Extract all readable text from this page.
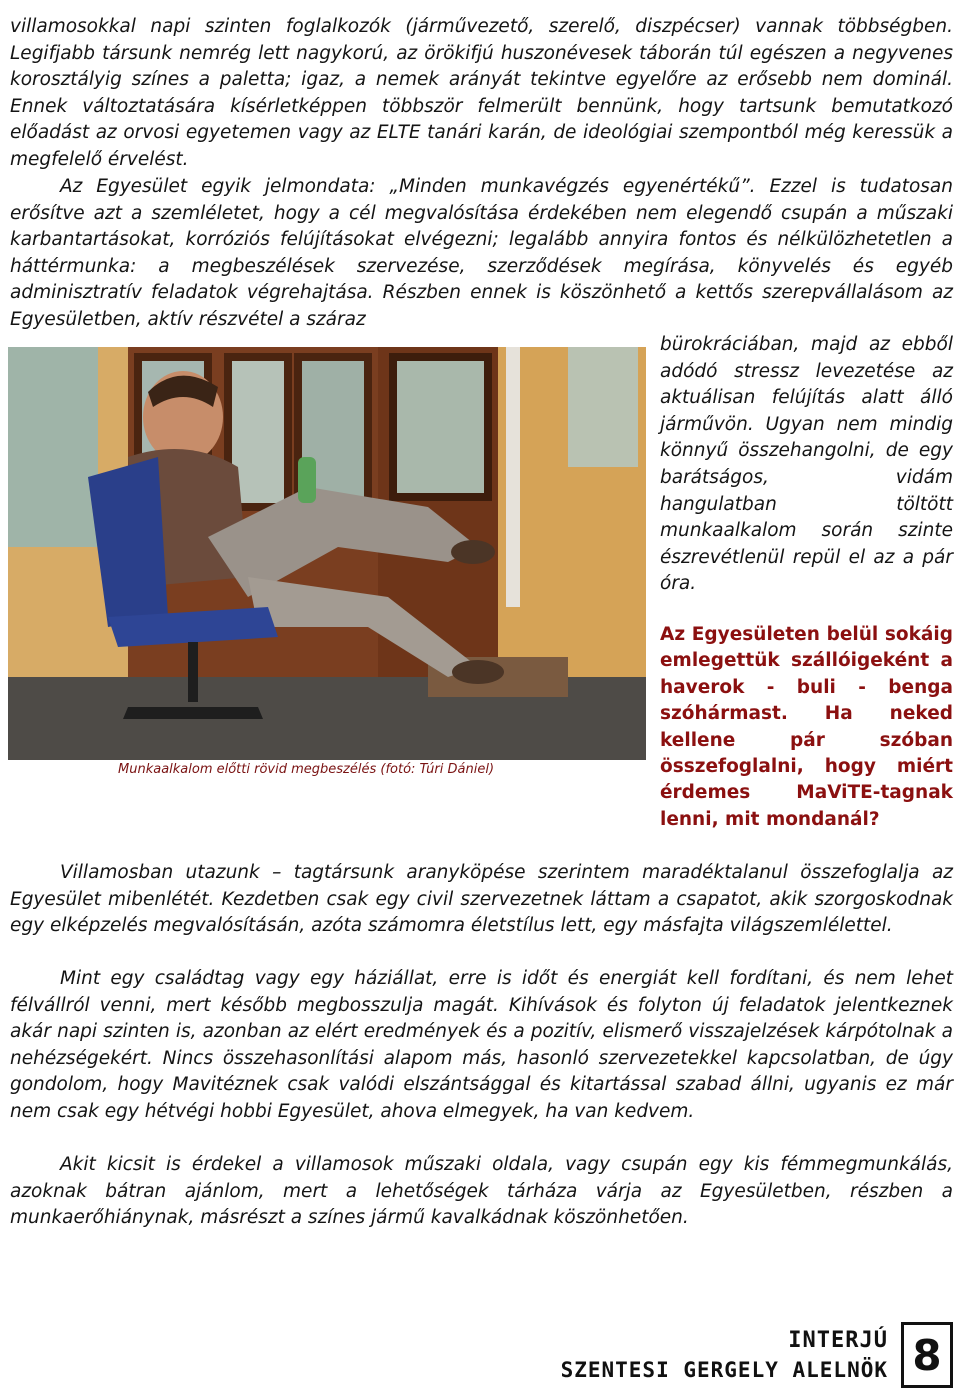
villamosokkal napi szinten foglalkozók (járművezető, szerelő, diszpécser) vannak többségben. Legifjabb társunk nemrég lett nagykorú, az örökifjú huszonévesek táborán túl egészen a negyvenes korosztályig színes a paletta; igaz, a nemek arányát tekintve egyelőre az erősebb nem dominál. Ennek változtatására kísérletképpen többször felmerült bennünk, hogy tartsunk bemutatkozó előadást az orvosi egyetemen vagy az ELTE tanári karán, de ideológiai szempontból még keressük a megfelelő érvelést.

Az Egyesület egyik jelmondata: „Minden munkavégzés egyenértékű”. Ezzel is tudatosan erősítve azt a szemléletet, hogy a cél megvalósítása érdekében nem elegendő csupán a műszaki karbantartásokat, korróziós felújításokat elvégezni; legalább annyira fontos és nélkülözhetetlen a háttérmunka: a megbeszélések szervezése, szerződések megírása, könyvelés és egyéb adminisztratív feladatok végrehajtása. Részben ennek is köszönhető a kettős szerepvállalásom az Egyesületben, aktív részvétel a száraz

Munkaalkalom előtti rövid megbeszélés (fotó: Túri Dániel)

bürokráciában, majd az ebből adódó stressz levezetése az aktuálisan felújítás alatt álló járművön. Ugyan nem mindig könnyű összehangolni, de egy barátságos, vidám hangulatban töltött munkaalkalom során szinte észrevétlenül repül el az a pár óra.

Az Egyesületen belül sokáig emlegettük szállóigeként a haverok - buli - benga szóhármast. Ha neked kellene pár szóban összefoglalni, hogy miért érdemes MaViTE-tagnak lenni, mit mondanál?

Villamosban utazunk – tagtársunk aranyköpése szerintem maradéktalanul összefoglalja az Egyesület mibenlétét. Kezdetben csak egy civil szervezetnek láttam a csapatot, akik szorgoskodnak egy elképzelés megvalósításán, azóta számomra életstílus lett, egy másfajta világszemlélettel.

Mint egy családtag vagy egy háziállat, erre is időt és energiát kell fordítani, és nem lehet félvállról venni, mert később megbosszulja magát. Kihívások és folyton új feladatok jelentkeznek akár napi szinten is, azonban az elért eredmények és a pozitív, elismerő visszajelzések kárpótolnak a nehézségekért. Nincs összehasonlítási alapom más, hasonló szervezetekkel kapcsolatban, de úgy gondolom, hogy Mavitéznek csak valódi elszántsággal és kitartással szabad állni, ugyanis ez már nem csak egy hétvégi hobbi Egyesület, ahova elmegyek, ha van kedvem.

Akit kicsit is érdekel a villamosok műszaki oldala, vagy csupán egy kis fémmegmunkálás, azoknak bátran ajánlom, mert a lehetőségek tárháza várja az Egyesületben, részben a munkaerőhiánynak, másrészt a színes jármű kavalkádnak köszönhetően.

INTERJÚ
SZENTESI GERGELY ALELNÖK 8
